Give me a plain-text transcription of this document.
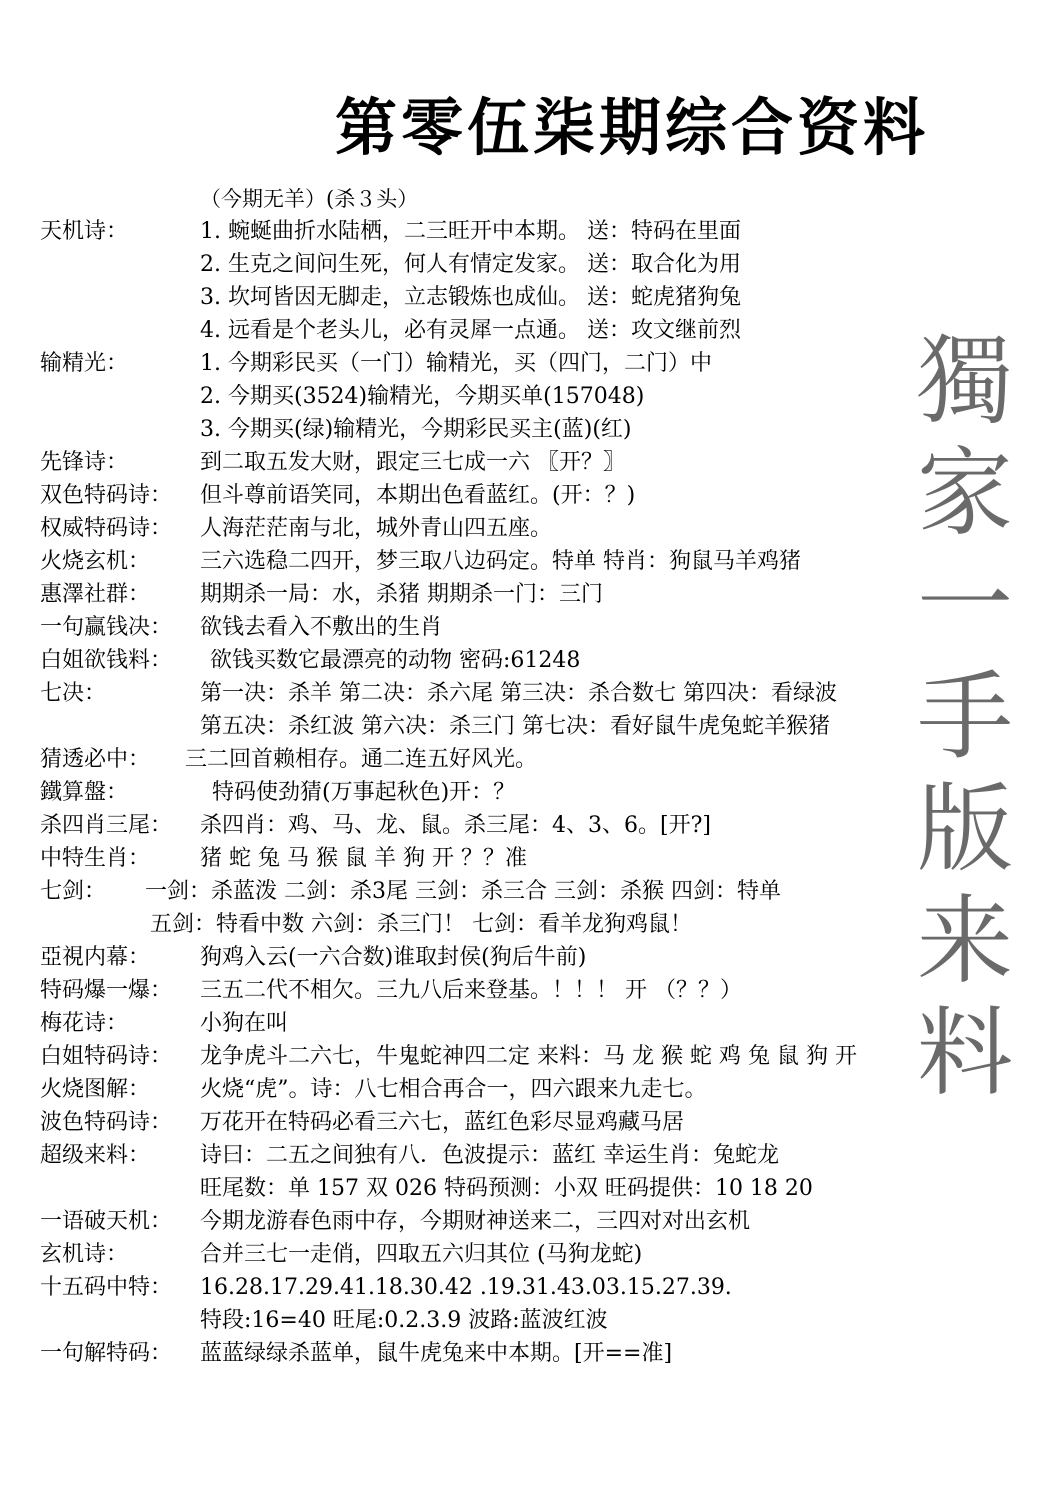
第零伍柒期综合资料
（今期无羊）(杀３头）
獨
家
一
手
版
来
料
天机诗：	1. 蜿蜒曲折水陆栖，二三旺开中本期。 送：特码在里面
2. 生克之间问生死，何人有情定发家。 送：取合化为用
3. 坎坷皆因无脚走，立志锻炼也成仙。 送：蛇虎猪狗兔
4. 远看是个老头儿，必有灵犀一点通。 送：攻文继前烈
输精光：	1. 今期彩民买（一门）输精光，买（四门，二门）中
2. 今期买(3524)输精光，今期买单(157048)
3. 今期买(绿)输精光，今期彩民买主(蓝)(红)
先锋诗：	到二取五发大财，跟定三七成一六 〖开？〗
双色特码诗： 但斗尊前语笑同，本期出色看蓝红。(开：？)
权威特码诗： 人海茫茫南与北，城外青山四五座。
火烧玄机： 三六选稳二四开，梦三取八边码定。特单 特肖：狗鼠马羊鸡猪
惠澤社群： 期期杀一局：水，杀猪 期期杀一门：三门
一句赢钱决： 欲钱去看入不敷出的生肖
白姐欲钱料： 欲钱买数它最漂亮的动物 密码:61248
七决：	第一决：杀羊 第二决：杀六尾 第三决：杀合数七 第四决：看绿波
第五决：杀红波 第六决：杀三门 第七决：看好鼠牛虎兔蛇羊猴猪
猜透必中： 三二回首赖相存。通二连五好风光。
鐵算盤：	特码使劲猜(万事起秋色)开：？
杀四肖三尾： 杀四肖：鸡、马、龙、鼠。杀三尾：4、3、6。[开?]
中特生肖： 猪 蛇 兔 马 猴 鼠 羊 狗 开 ？？准
七剑： 一剑：杀蓝泼 二剑：杀3尾 三剑：杀三合 三剑：杀猴 四剑：特单
五剑：特看中数 六剑：杀三门！ 七剑：看羊龙狗鸡鼠！
亞視内幕： 狗鸡入云(一六合数)谁取封侯(狗后牛前)
特码爆一爆： 三五二代不相欠。三九八后来登基。！！！ 开 （？？）
梅花诗：	小狗在叫
白姐特码诗： 龙争虎斗二六七，牛鬼蛇神四二定 来料：马 龙 猴 蛇 鸡 兔 鼠 狗 开
火烧图解： 火烧“虎”。诗：八七相合再合一，四六跟来九走七。
波色特码诗： 万花开在特码必看三六七，蓝红色彩尽显鸡藏马居
超级来料： 诗曰：二五之间独有八．色波提示：蓝红 幸运生肖：兔蛇龙
旺尾数：单 157 双 026 特码预测：小双 旺码提供：10 18 20
一语破天机： 今期龙游春色雨中存，今期财神送来二，三四对对出玄机
玄机诗：	合并三七一走俏，四取五六归其位 (马狗龙蛇)
十五码中特： 16.28.17.29.41.18.30.42 .19.31.43.03.15.27.39.
特段:16=40 旺尾:0.2.3.9 波路:蓝波红波
一句解特码： 蓝蓝绿绿杀蓝单，鼠牛虎兔来中本期。[开==准]
